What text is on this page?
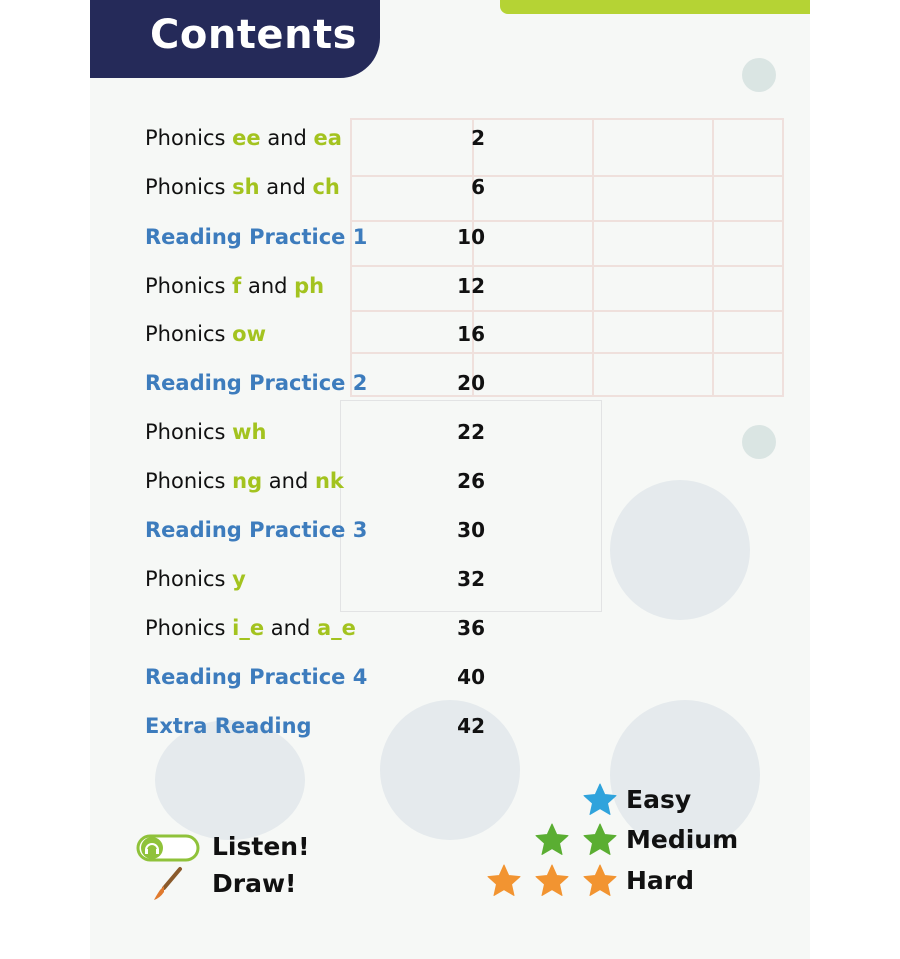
Contents
Phonics ee and ea	2
Phonics sh and ch	6
Reading Practice 1	10
Phonics f and ph	12
Phonics ow	16
Reading Practice 2	20
Phonics wh	22
Phonics ng and nk	26
Reading Practice 3	30
Phonics y	32
Phonics i_e and a_e	36
Reading Practice 4	40
Extra Reading	42
Listen!
Draw!
Easy
Medium
Hard
